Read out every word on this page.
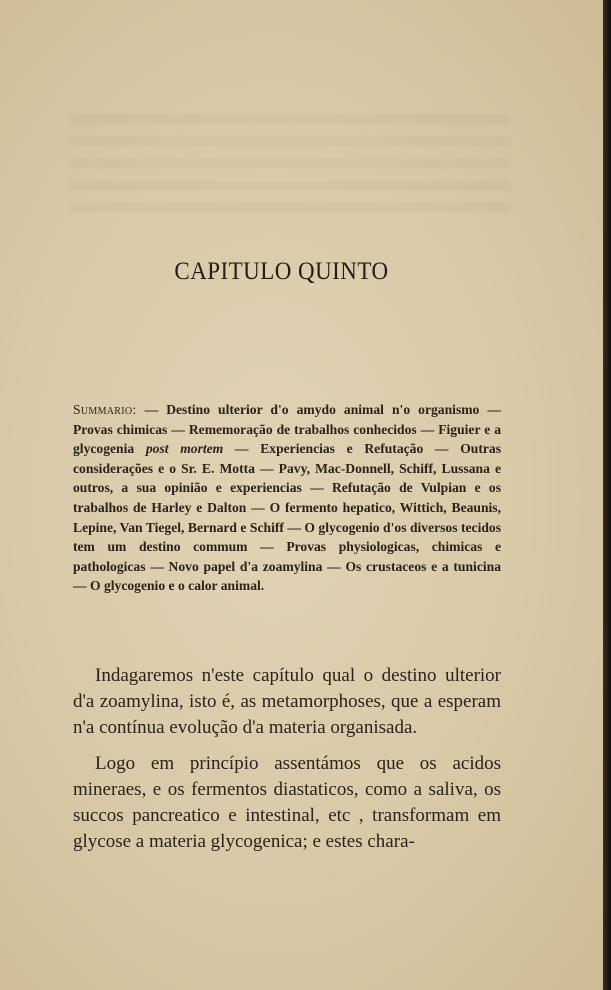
CAPITULO QUINTO
Summario: — Destino ulterior d'o amydo animal n'o organismo — Provas chimicas — Rememoração de trabalhos conhecidos — Figuier e a glycogenia post mortem — Experiencias e Refutação — Outras considerações e o Sr. E. Motta — Pavy, Mac-Donnell, Schiff, Lussana e outros, a sua opinião e experiencias — Refutação de Vulpian e os trabalhos de Harley e Dalton — O fermento hepatico, Wittich, Beaunis, Lepine, Van Tiegel, Bernard e Schiff — O glycogenio d'os diversos tecidos tem um destino commum — Provas physiologicas, chimicas e pathologicas — Novo papel d'a zoamylina — Os crustaceos e a tunicina — O glycogenio e o calor animal.

Indagaremos n'este capítulo qual o destino ulterior d'a zoamylina, isto é, as metamorphoses, que a esperam n'a contínua evolução d'a materia organisada.

Logo em princípio assentámos que os acidos mineraes, e os fermentos diastaticos, como a saliva, os succos pancreatico e intestinal, etc , transformam em glycose a materia glycogenica; e estes chara-
